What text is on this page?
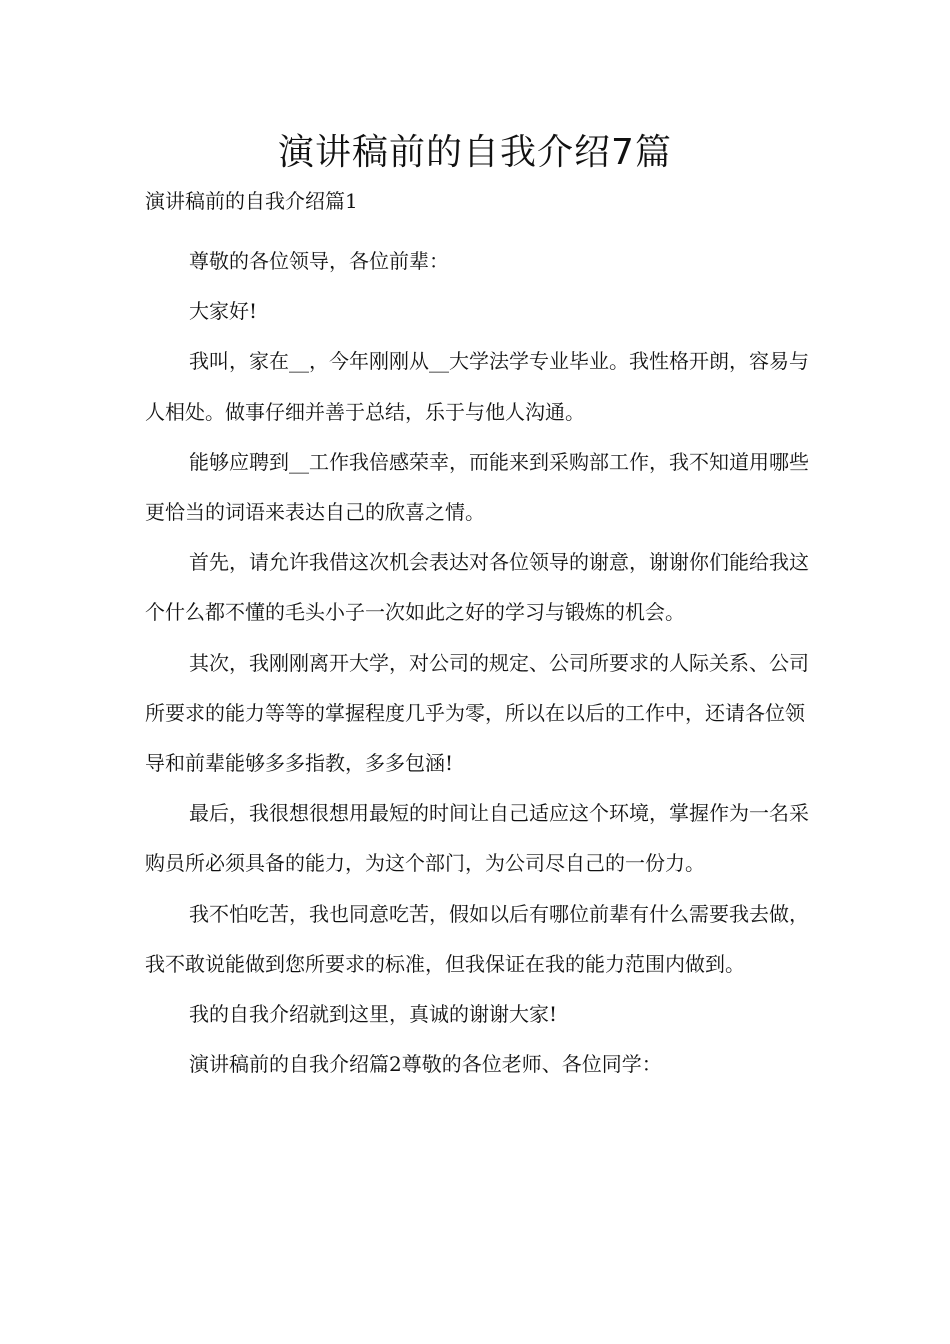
演讲稿前的自我介绍7篇

演讲稿前的自我介绍篇1

尊敬的各位领导，各位前辈：

大家好!

我叫，家在__，今年刚刚从__大学法学专业毕业。我性格开朗，容易与人相处。做事仔细并善于总结，乐于与他人沟通。

能够应聘到__工作我倍感荣幸，而能来到采购部工作，我不知道用哪些更恰当的词语来表达自己的欣喜之情。

首先，请允许我借这次机会表达对各位领导的谢意，谢谢你们能给我这个什么都不懂的毛头小子一次如此之好的学习与锻炼的机会。

其次，我刚刚离开大学，对公司的规定、公司所要求的人际关系、公司所要求的能力等等的掌握程度几乎为零，所以在以后的工作中，还请各位领导和前辈能够多多指教，多多包涵!

最后，我很想很想用最短的时间让自己适应这个环境，掌握作为一名采购员所必须具备的能力，为这个部门，为公司尽自己的一份力。

我不怕吃苦，我也同意吃苦，假如以后有哪位前辈有什么需要我去做，我不敢说能做到您所要求的标准，但我保证在我的能力范围内做到。

我的自我介绍就到这里，真诚的谢谢大家!

演讲稿前的自我介绍篇2尊敬的各位老师、各位同学：
